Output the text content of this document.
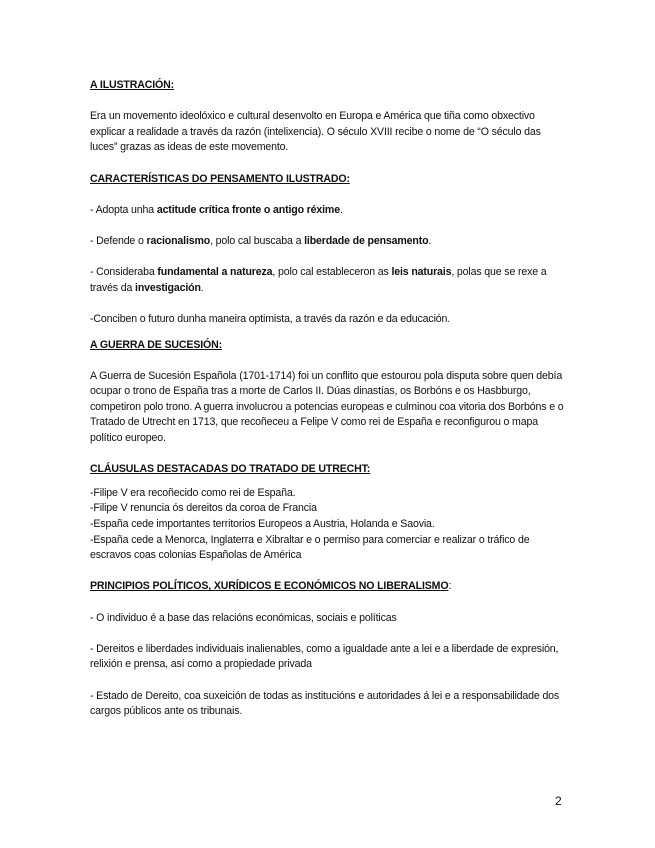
A ILUSTRACIÓN:

Era un movemento ideolóxico e cultural desenvolto en Europa e América que tiña como obxectivo explicar a realidade a través da razón (intelixencia). O século XVIII recibe o nome de “O século das luces” grazas as ideas de este movemento.

CARACTERÍSTICAS DO PENSAMENTO ILUSTRADO:

- Adopta unha actitude crítica fronte o antigo réxime.

- Defende o racionalismo, polo cal buscaba a liberdade de pensamento.

- Consideraba fundamental a natureza, polo cal estableceron as leis naturais, polas que se rexe a través da investigación.

-Conciben o futuro dunha maneira optimista, a través da razón e da educación.

A GUERRA DE SUCESIÓN:

A Guerra de Sucesión Española (1701-1714) foi un conflito que estourou pola disputa sobre quen debía ocupar o trono de España tras a morte de Carlos II. Dúas dinastías, os Borbóns e os Hasbburgo, competiron polo trono. A guerra involucrou a potencias europeas e culminou coa vitoria dos Borbóns e o Tratado de Utrecht en 1713, que recoñeceu a Felipe V como rei de España e reconfigurou o mapa político europeo.

CLÁUSULAS DESTACADAS DO TRATADO DE UTRECHT:

-Filipe V era recoñecido como rei de España.

-Filipe V renuncia ós dereitos da coroa de Francia

-España cede importantes territorios Europeos a Austria, Holanda e Saovia.

-España cede a Menorca, Inglaterra e Xibraltar e o permiso para comerciar e realizar o tráfico de escravos coas colonias Españolas de América

PRINCIPIOS POLÍTICOS, XURÍDICOS E ECONÓMICOS NO LIBERALISMO:

- O individuo é a base das relacións económicas, sociais e políticas

- Dereitos e liberdades individuais inalienables, como a igualdade ante a lei e a liberdade de expresión, relixión e prensa, así como a propiedade privada

- Estado de Dereito, coa suxeición de todas as institucións e autoridades á lei e a responsabilidade dos cargos públicos ante os tribunais.

2
